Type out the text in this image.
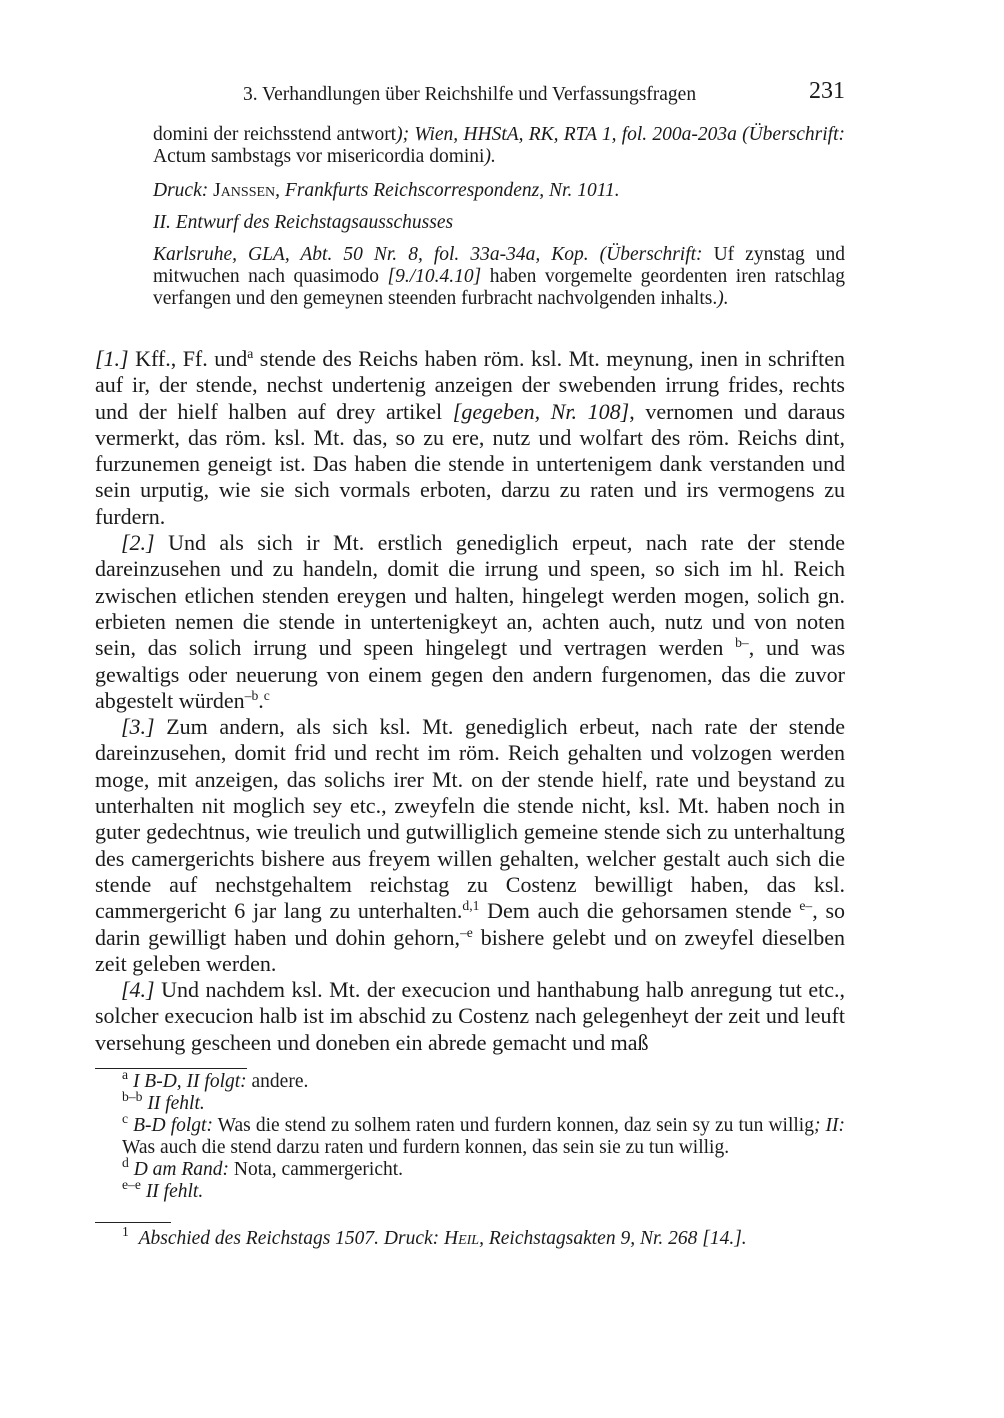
3. Verhandlungen über Reichshilfe und Verfassungsfragen	231
domini der reichsstend antwort); Wien, HHStA, RK, RTA 1, fol. 200a-203a (Überschrift: Actum sambstags vor misericordia domini).
Druck: Janssen, Frankfurts Reichscorrespondenz, Nr. 1011.
II. Entwurf des Reichstagsausschusses
Karlsruhe, GLA, Abt. 50 Nr. 8, fol. 33a-34a, Kop. (Überschrift: Uf zynstag und mitwuchen nach quasimodo [9./10.4.10] haben vorgemelte geordenten iren ratschlag verfangen und den gemeynen steenden furbracht nachvolgenden inhalts.).

[1.] Kff., Ff. und$^a$ stende des Reichs haben röm. ksl. Mt. meynung, inen in schriften auf ir, der stende, nechst undertenig anzeigen der swebenden irrung frides, rechts und der hielf halben auf drey artikel [gegeben, Nr. 108], vernomen und daraus vermerkt, das röm. ksl. Mt. das, so zu ere, nutz und wolfart des röm. Reichs dint, furzunemen geneigt ist. Das haben die stende in untertenigem dank verstanden und sein urputig, wie sie sich vormals erboten, darzu zu raten und irs vermogens zu furdern.

[2.] Und als sich ir Mt. erstlich genediglich erpeut, nach rate der stende dareinzusehen und zu handeln, domit die irrung und speen, so sich im hl. Reich zwischen etlichen stenden ereygen und halten, hingelegt werden mogen, solich gn. erbieten nemen die stende in untertenigkeyt an, achten auch, nutz und von noten sein, das solich irrung und speen hingelegt und vertragen werden $^{b-}$, und was gewaltigs oder neuerung von einem gegen den andern furgenomen, das die zuvor abgestelt würden$^{-b}$.$^c$

[3.] Zum andern, als sich ksl. Mt. genediglich erbeut, nach rate der stende dareinzusehen, domit frid und recht im röm. Reich gehalten und volzogen werden moge, mit anzeigen, das solichs irer Mt. on der stende hielf, rate und beystand zu unterhalten nit moglich sey etc., zweyfeln die stende nicht, ksl. Mt. haben noch in guter gedechtnus, wie treulich und gutwilliglich gemeine stende sich zu unterhaltung des camergerichts bishere aus freyem willen gehalten, welcher gestalt auch sich die stende auf nechstgehaltem reichstag zu Costenz bewilligt haben, das ksl. cammergericht 6 jar lang zu unterhalten.$^{d,1}$ Dem auch die gehorsamen stende $^{e-}$, so darin gewilligt haben und dohin gehorn,$^{-e}$ bishere gelebt und on zweyfel dieselben zeit geleben werden.

[4.] Und nachdem ksl. Mt. der execucion und hanthabung halb anregung tut etc., solcher execucion halb ist im abschid zu Costenz nach gelegenheyt der zeit und leuft versehung gescheen und doneben ein abrede gemacht und maß

$^a$ I B-D, II folgt: andere.
$^{b-b}$ II fehlt.
$^c$ B-D folgt: Was die stend zu solhem raten und furdern konnen, daz sein sy zu tun willig; II: Was auch die stend darzu raten und furdern konnen, das sein sie zu tun willig.
$^d$ D am Rand: Nota, cammergericht.
$^{e-e}$ II fehlt.
$^1$ Abschied des Reichstags 1507. Druck: Heil, Reichstagsakten 9, Nr. 268 [14.].
